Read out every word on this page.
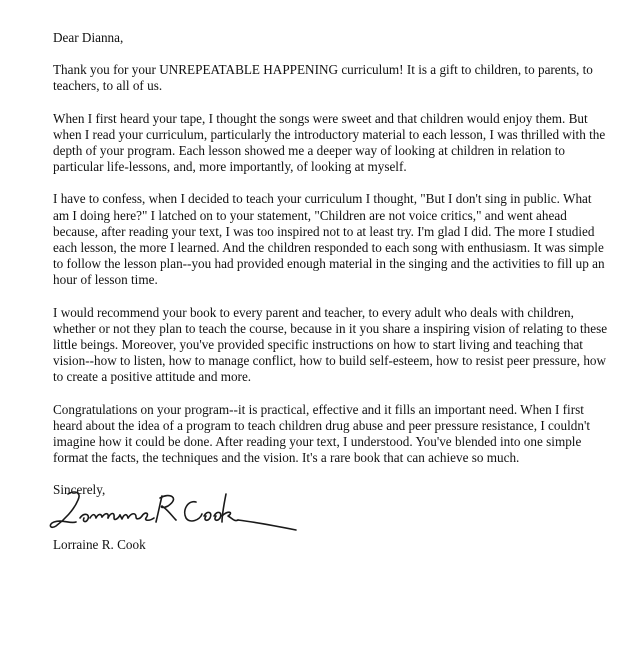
Dear Dianna,

Thank you for your UNREPEATABLE HAPPENING curriculum! It is a gift to children, to parents, to teachers, to all of us.

When I first heard your tape, I thought the songs were sweet and that children would enjoy them. But when I read your curriculum, particularly the introductory material to each lesson, I was thrilled with the depth of your program. Each lesson showed me a deeper way of looking at children in relation to particular life-lessons, and, more importantly, of looking at myself.

I have to confess, when I decided to teach your curriculum I thought, "But I don't sing in public. What am I doing here?" I latched on to your statement, "Children are not voice critics," and went ahead because, after reading your text, I was too inspired not to at least try. I'm glad I did. The more I studied each lesson, the more I learned. And the children responded to each song with enthusiasm. It was simple to follow the lesson plan--you had provided enough material in the singing and the activities to fill up an hour of lesson time.

I would recommend your book to every parent and teacher, to every adult who deals with children, whether or not they plan to teach the course, because in it you share a inspiring vision of relating to these little beings. Moreover, you've provided specific instructions on how to start living and teaching that vision--how to listen, how to manage conflict, how to build self-esteem, how to resist peer pressure, how to create a positive attitude and more.

Congratulations on your program--it is practical, effective and it fills an important need. When I first heard about the idea of a program to teach children drug abuse and peer pressure resistance, I couldn't imagine how it could be done. After reading your text, I understood. You've blended into one simple format the facts, the techniques and the vision. It's a rare book that can achieve so much.

Sincerely,

Lorraine R. Cook
